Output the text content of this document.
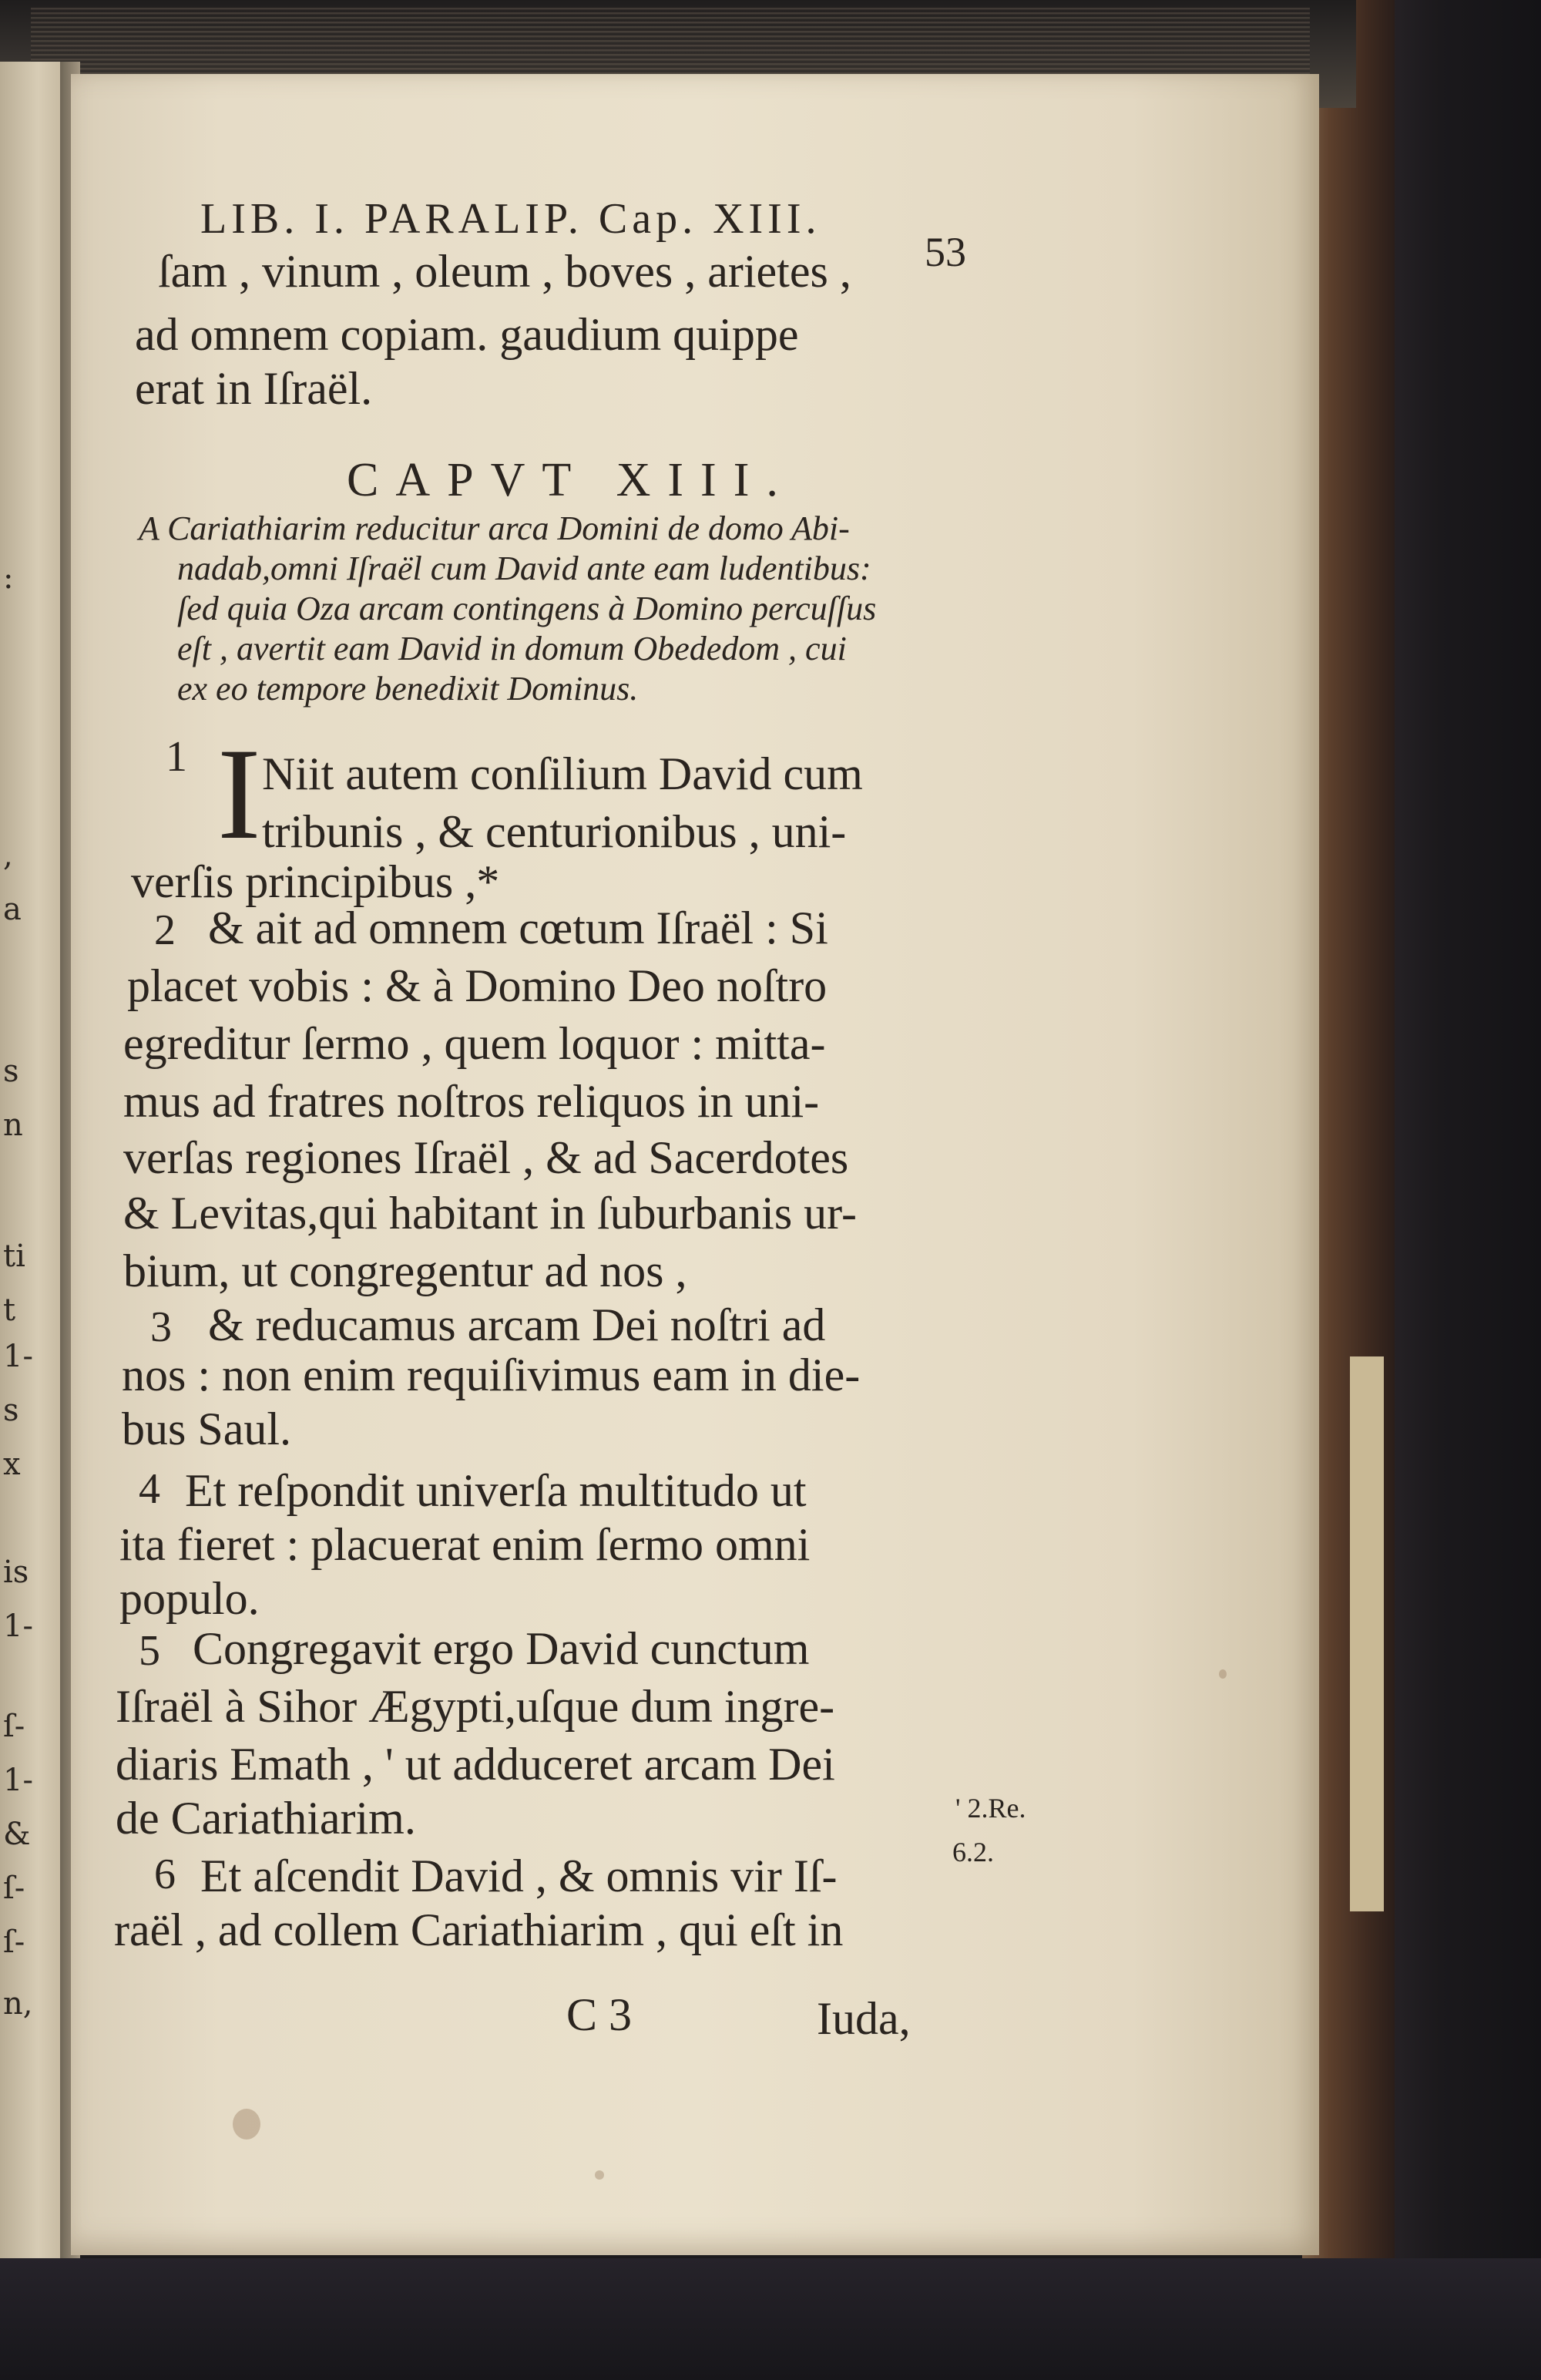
:
,
a
s
n
ti
t
1-
s
x
is
1-
ſ-
1-
&
ſ-
ſ-
n,
LIB. I. PARALIP. Cap. XIII.
53
ſam , vinum , oleum , boves , arietes ,
ad omnem copiam. gaudium quippe
erat in Iſraël.
CAPVT XIII.
A Cariathiarim reducitur arca Domini de domo Abi-
nadab,omni Iſraël cum David ante eam ludentibus:
ſed quia Oza arcam contingens à Domino percuſſus
eſt , avertit eam David in domum Obededom , cui
ex eo tempore benedixit Dominus.
1 I Niit autem conſilium David cum
tribunis , & centurionibus , uni-
verſis principibus ,*
2 & ait ad omnem cœtum Iſraël : Si
placet vobis : & à Domino Deo noſtro
egreditur ſermo , quem loquor : mitta-
mus ad fratres noſtros reliquos in uni-
verſas regiones Iſraël , & ad Sacerdotes
& Levitas,qui habitant in ſuburbanis ur-
bium, ut congregentur ad nos ,
3 & reducamus arcam Dei noſtri ad
nos : non enim requiſivimus eam in die-
bus Saul.
4 Et reſpondit univerſa multitudo ut
ita fieret : placuerat enim ſermo omni
populo.
5 Congregavit ergo David cunctum
Iſraël à Sihor Ægypti,uſque dum ingre-
diaris Emath , ' ut adduceret arcam Dei
de Cariathiarim.
6 Et aſcendit David , & omnis vir Iſ-
raël , ad collem Cariathiarim , qui eſt in
' 2.Re.
6.2.
C 3	Iuda,
